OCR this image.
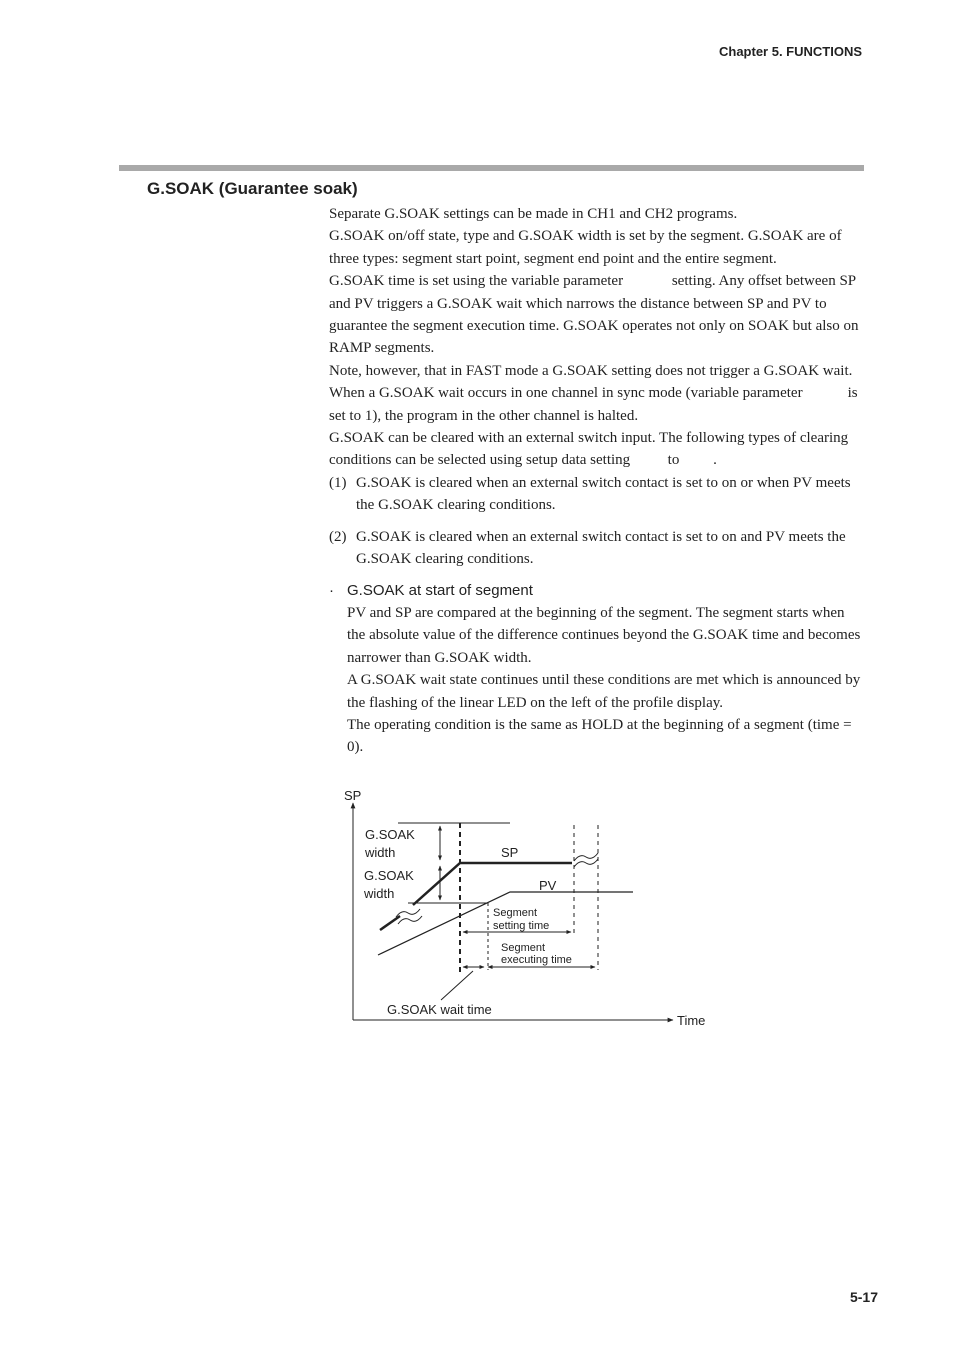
Chapter 5. FUNCTIONS
G.SOAK (Guarantee soak)

Separate G.SOAK settings can be made in CH1 and CH2 programs.

G.SOAK on/off state, type and G.SOAK width is set by the segment. G.SOAK are of three types: segment start point, segment end point and the entire segment.

G.SOAK time is set using the variable parameter             setting. Any offset between SP and PV triggers a G.SOAK wait which narrows the distance between SP and PV to guarantee the segment execution time. G.SOAK operates not only on SOAK but also on RAMP segments.

Note, however, that in FAST mode a G.SOAK setting does not trigger a G.SOAK wait.

When a G.SOAK wait occurs in one channel in sync mode (variable parameter            is set to 1), the program in the other channel is halted.

G.SOAK can be cleared with an external switch input. The following types of clearing conditions can be selected using setup data setting          to         .

(1) G.SOAK is cleared when an external switch contact is set to on or when PV meets the G.SOAK clearing conditions.
(2) G.SOAK is cleared when an external switch contact is set to on and PV meets the G.SOAK clearing conditions.
· G.SOAK at start of segment

PV and SP are compared at the beginning of the segment. The segment starts when the absolute value of the difference continues beyond the G.SOAK time and becomes narrower than G.SOAK width.

A G.SOAK wait state continues until these conditions are met which is announced by the flashing of the linear LED on the left of the profile display.

The operating condition is the same as HOLD at the beginning of a segment (time = 0).

SP
Time
G.SOAK
width
G.SOAK
width
SP
PV
Segment
setting time
Segment
executing time
G.SOAK wait time
5-17
